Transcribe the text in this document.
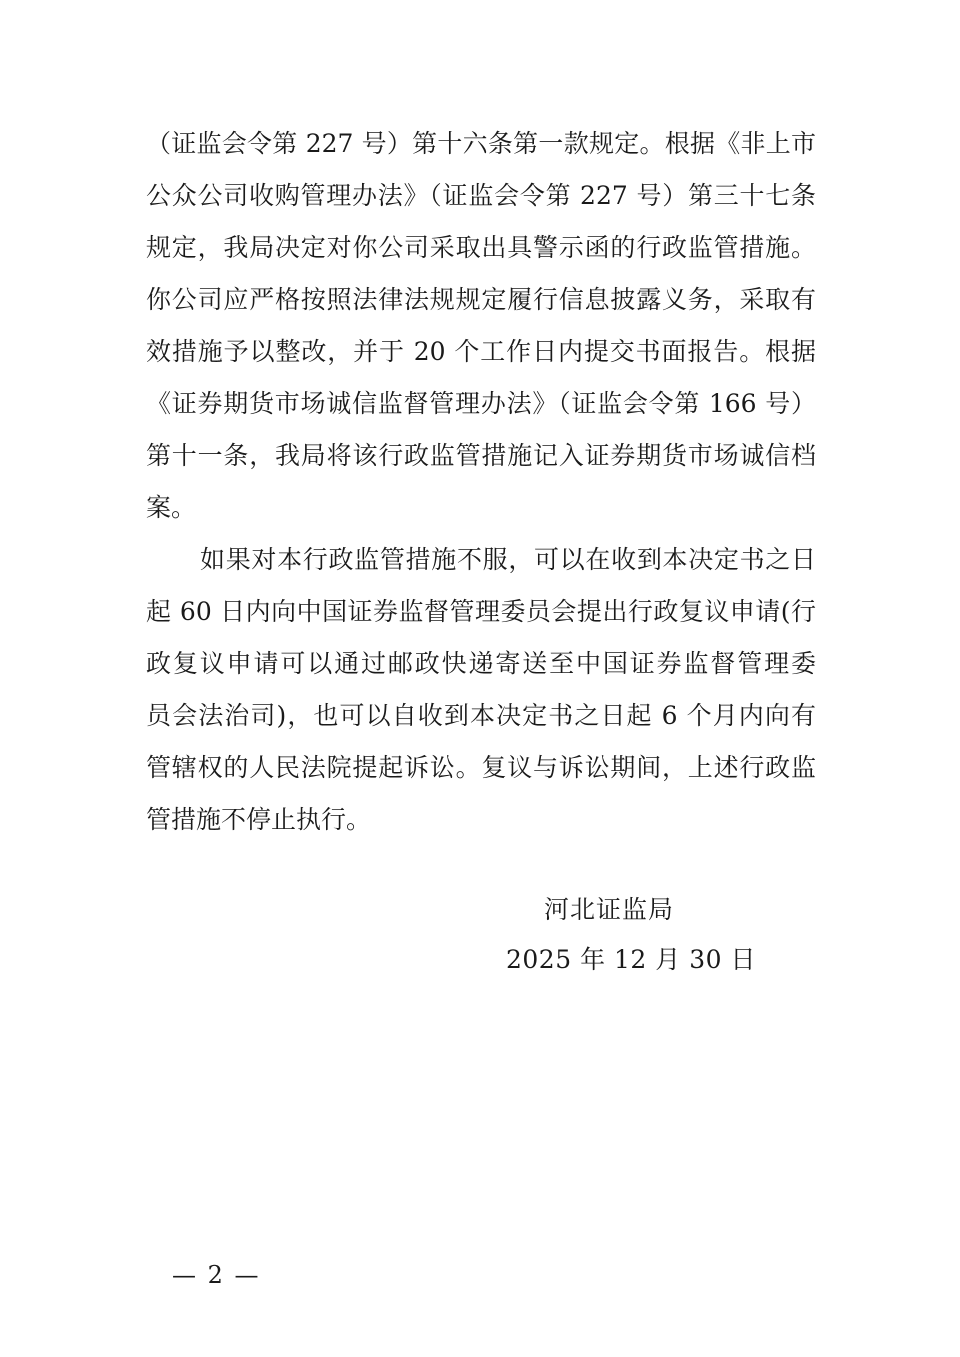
（证监会令第 227 号）第十六条第一款规定。根据《非上市
公众公司收购管理办法》（证监会令第 227 号）第三十七条
规定，我局决定对你公司采取出具警示函的行政监管措施。
你公司应严格按照法律法规规定履行信息披露义务，采取有
效措施予以整改，并于 20 个工作日内提交书面报告。根据
《证券期货市场诚信监督管理办法》（证监会令第 166 号）
第十一条，我局将该行政监管措施记入证券期货市场诚信档
案。
如果对本行政监管措施不服，可以在收到本决定书之日
起 60 日内向中国证券监督管理委员会提出行政复议申请(行
政复议申请可以通过邮政快递寄送至中国证券监督管理委
员会法治司)，也可以自收到本决定书之日起 6 个月内向有
管辖权的人民法院提起诉讼。复议与诉讼期间，上述行政监
管措施不停止执行。
河北证监局
2025 年 12 月 30 日
— 2 —
